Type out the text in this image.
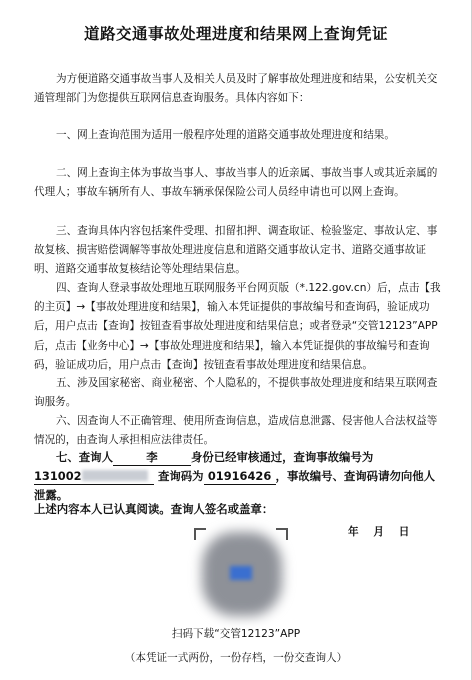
道路交通事故处理进度和结果网上查询凭证

为方便道路交通事故当事人及相关人员及时了解事故处理进度和结果，公安机关交通管理部门为您提供互联网信息查询服务。具体内容如下：

一、网上查询范围为适用一般程序处理的道路交通事故处理进度和结果。

二、网上查询主体为事故当事人、事故当事人的近亲属、事故当事人或其近亲属的代理人；事故车辆所有人、事故车辆承保保险公司人员经申请也可以网上查询。

三、查询具体内容包括案件受理、扣留扣押、调查取证、检验鉴定、事故认定、事故复核、损害赔偿调解等事故处理进度信息和道路交通事故认定书、道路交通事故证明、道路交通事故复核结论等处理结果信息。

四、查询人登录事故处理地互联网服务平台网页版（*.122.gov.cn）后，点击【我的主页】→【事故处理进度和结果】，输入本凭证提供的事故编号和查询码，验证成功后，用户点击【查询】按钮查看事故处理进度和结果信息；或者登录“交管12123”APP后，点击【业务中心】→【事故处理进度和结果】，输入本凭证提供的事故编号和查询码，验证成功后，用户点击【查询】按钮查看事故处理进度和结果信息。

五、涉及国家秘密、商业秘密、个人隐私的，不提供事故处理进度和结果互联网查询服务。

六、因查询人不正确管理、使用所查询信息，造成信息泄露、侵害他人合法权益等情况的，由查询人承担相应法律责任。

七、查询人	李	身份已经审核通过，查询事故编号为
131002	查询码为 01916426 ，事故编号、查询码请勿向他人泄露。

上述内容本人已认真阅读。查询人签名或盖章：

年    月    日
扫码下载“交管12123”APP
（本凭证一式两份，一份存档，一份交查询人）
